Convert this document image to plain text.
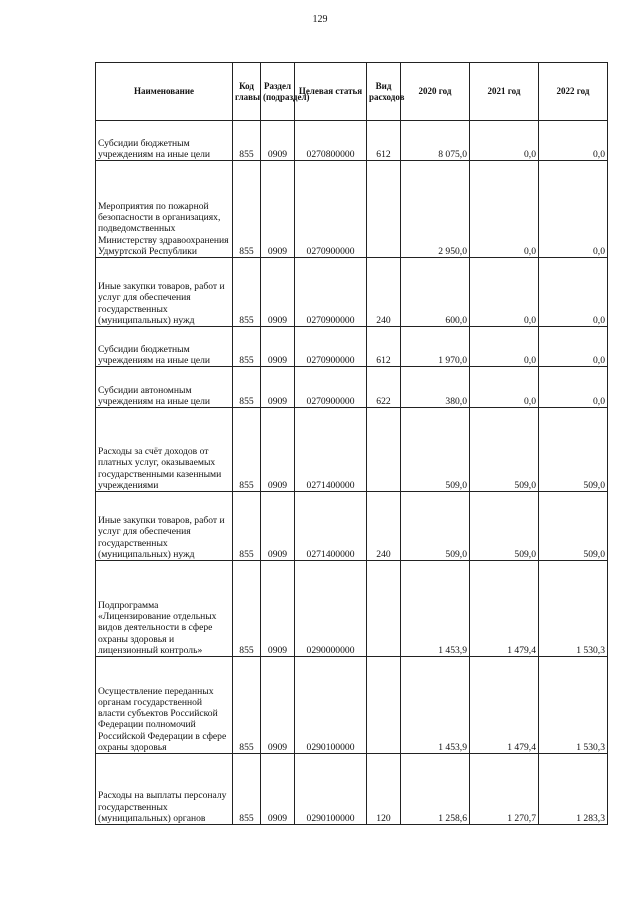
129
Наименование	Код главы	Раздел (подраздел)	Целевая статья	Вид расходов	2020 год	2021 год	2022 год
Субсидии бюджетным учреждениям на иные цели	855	0909	0270800000	612	8 075,0	0,0	0,0
Мероприятия по пожарной безопасности в организациях, подведомственных Министерству здравоохранения Удмуртской Республики	855	0909	0270900000		2 950,0	0,0	0,0
Иные закупки товаров, работ и услуг для обеспечения государственных (муниципальных) нужд	855	0909	0270900000	240	600,0	0,0	0,0
Субсидии бюджетным учреждениям на иные цели	855	0909	0270900000	612	1 970,0	0,0	0,0
Субсидии автономным учреждениям на иные цели	855	0909	0270900000	622	380,0	0,0	0,0
Расходы за счёт доходов от платных услуг, оказываемых государственными казенными учреждениями	855	0909	0271400000		509,0	509,0	509,0
Иные закупки товаров, работ и услуг для обеспечения государственных (муниципальных) нужд	855	0909	0271400000	240	509,0	509,0	509,0
Подпрограмма «Лицензирование отдельных видов деятельности в сфере охраны здоровья и лицензионный контроль»	855	0909	0290000000		1 453,9	1 479,4	1 530,3
Осуществление переданных органам государственной власти субъектов Российской Федерации полномочий Российской Федерации в сфере охраны здоровья	855	0909	0290100000		1 453,9	1 479,4	1 530,3
Расходы на выплаты персоналу государственных (муниципальных) органов	855	0909	0290100000	120	1 258,6	1 270,7	1 283,3
